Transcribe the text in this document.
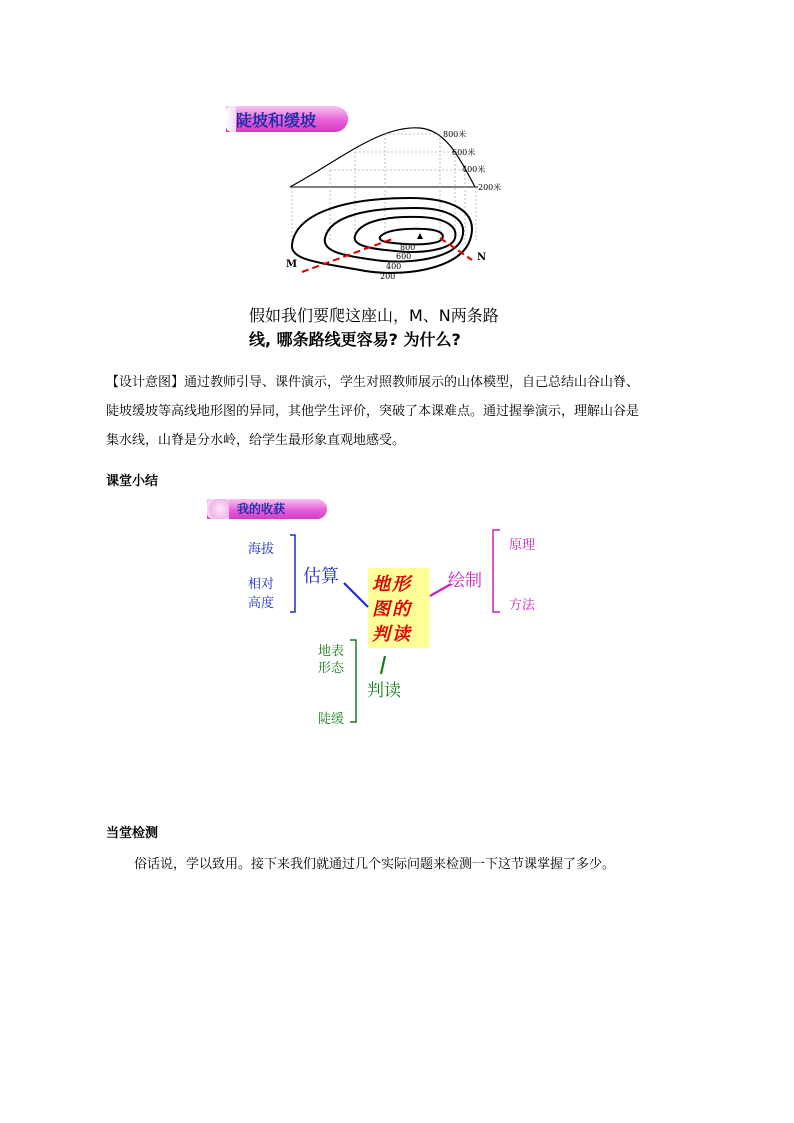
陡坡和缓坡
800米
600米
400米
200米
800
600
400
200
M
N
假如我们要爬这座山，M、N两条路
线, 哪条路线更容易? 为什么?
【设计意图】通过教师引导、课件演示，学生对照教师展示的山体模型，自己总结山谷山脊、
陡坡缓坡等高线地形图的异同，其他学生评价，突破了本课难点。通过握拳演示，理解山谷是
集水线，山脊是分水岭，给学生最形象直观地感受。
课堂小结
我的收获
海拔
相对
高度
估算	绘制
原理
方法
地表
形态
陡缓
判读
地形
图的
判读
当堂检测
俗话说，学以致用。接下来我们就通过几个实际问题来检测一下这节课掌握了多少。
